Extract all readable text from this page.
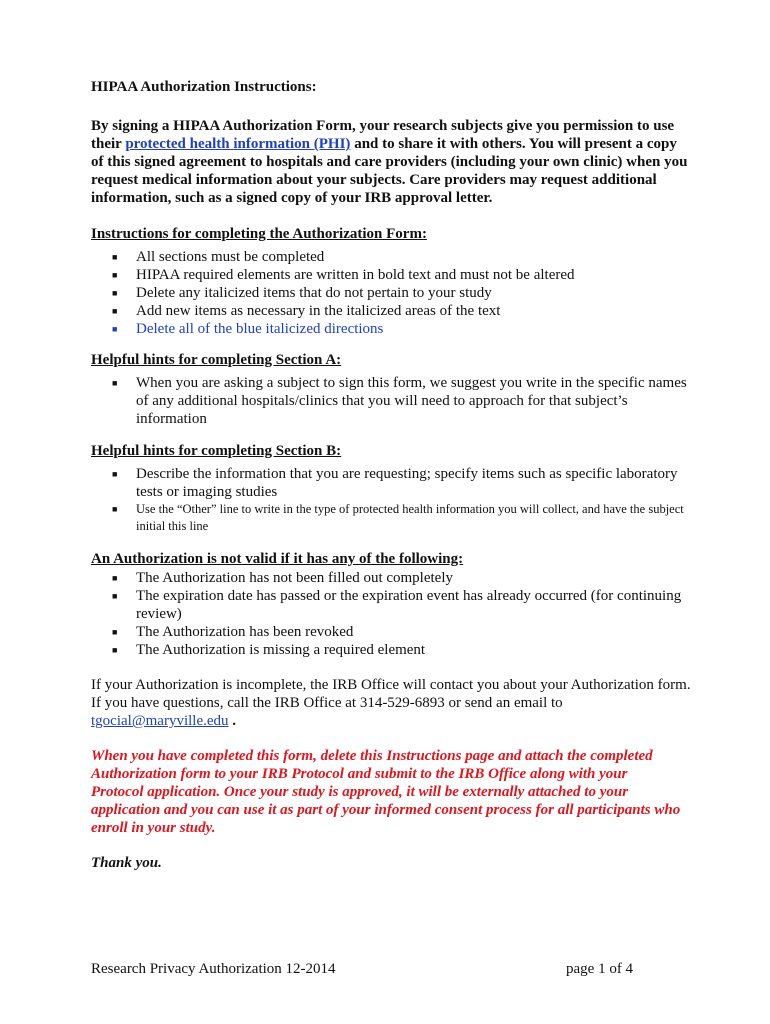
HIPAA Authorization Instructions:

By signing a HIPAA Authorization Form, your research subjects give you permission to use their protected health information (PHI) and to share it with others. You will present a copy of this signed agreement to hospitals and care providers (including your own clinic) when you request medical information about your subjects. Care providers may request additional information, such as a signed copy of your IRB approval letter.

Instructions for completing the Authorization Form:

■ All sections must be completed
■ HIPAA required elements are written in bold text and must not be altered
■ Delete any italicized items that do not pertain to your study
■ Add new items as necessary in the italicized areas of the text
■ Delete all of the blue italicized directions

Helpful hints for completing Section A:

■ When you are asking a subject to sign this form, we suggest you write in the specific names of any additional hospitals/clinics that you will need to approach for that subject’s information

Helpful hints for completing Section B:

■ Describe the information that you are requesting; specify items such as specific laboratory tests or imaging studies
■ Use the “Other” line to write in the type of protected health information you will collect, and have the subject initial this line

An Authorization is not valid if it has any of the following:

■ The Authorization has not been filled out completely
■ The expiration date has passed or the expiration event has already occurred (for continuing review)
■ The Authorization has been revoked
■ The Authorization is missing a required element

If your Authorization is incomplete, the IRB Office will contact you about your Authorization form. If you have questions, call the IRB Office at 314-529-6893 or send an email to tgocial@maryville.edu .

When you have completed this form, delete this Instructions page and attach the completed Authorization form to your IRB Protocol and submit to the IRB Office along with your Protocol application. Once your study is approved, it will be externally attached to your application and you can use it as part of your informed consent process for all participants who enroll in your study.

Thank you.

Research Privacy Authorization 12-2014	page 1 of 4
